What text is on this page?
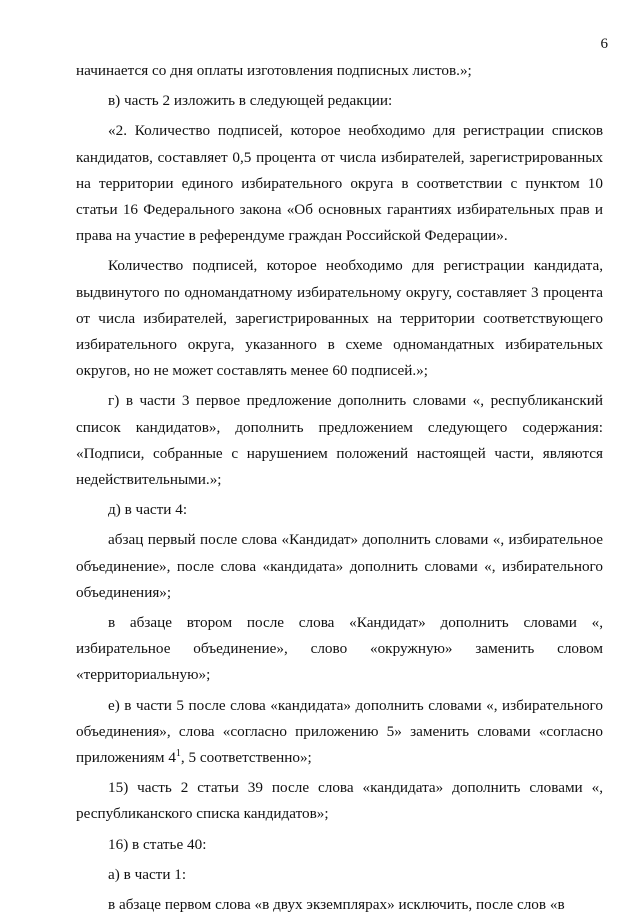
6

начинается со дня оплаты изготовления подписных листов.»;

в) часть 2 изложить в следующей редакции:

«2. Количество подписей, которое необходимо для регистрации списков кандидатов, составляет 0,5 процента от числа избирателей, зарегистрированных на территории единого избирательного округа в соответствии с пунктом 10 статьи 16 Федерального закона «Об основных гарантиях избирательных прав и права на участие в референдуме граждан Российской Федерации».

Количество подписей, которое необходимо для регистрации кандидата, выдвинутого по одномандатному избирательному округу, составляет 3 процента от числа избирателей, зарегистрированных на территории соответствующего избирательного округа, указанного в схеме одномандатных избирательных округов, но не может составлять менее 60 подписей.»;

г) в части 3 первое предложение дополнить словами «, республиканский список кандидатов», дополнить предложением следующего содержания: «Подписи, собранные с нарушением положений настоящей части, являются недействительными.»;

д) в части 4:

абзац первый после слова «Кандидат» дополнить словами «, избирательное объединение», после слова «кандидата» дополнить словами «, избирательного объединения»;

в абзаце втором после слова «Кандидат» дополнить словами «, избирательное объединение», слово «окружную» заменить словом «территориальную»;

е) в части 5 после слова «кандидата» дополнить словами «, избирательного объединения», слова «согласно приложению 5» заменить словами «согласно приложениям $4^1$, 5 соответственно»;

15) часть 2 статьи 39 после слова «кандидата» дополнить словами «, республиканского списка кандидатов»;

16) в статье 40:

а) в части 1:

в абзаце первом слова «в двух экземплярах» исключить, после слов «в
